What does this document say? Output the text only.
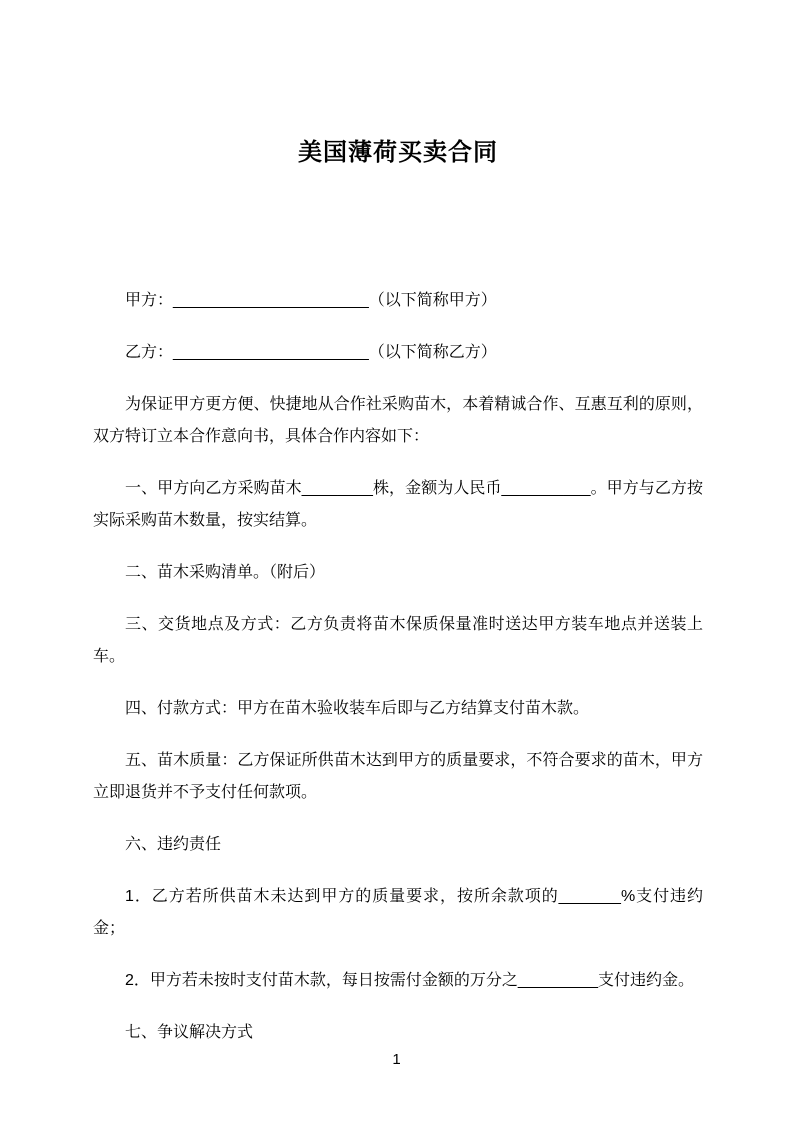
美国薄荷买卖合同

甲方：______________________（以下简称甲方）

乙方：______________________（以下简称乙方）

为保证甲方更方便、快捷地从合作社采购苗木，本着精诚合作、互惠互利的原则，双方特订立本合作意向书，具体合作内容如下：

一、甲方向乙方采购苗木________株，金额为人民币__________。甲方与乙方按实际采购苗木数量，按实结算。

二、苗木采购清单。（附后）

三、交货地点及方式：乙方负责将苗木保质保量准时送达甲方装车地点并送装上车。

四、付款方式：甲方在苗木验收装车后即与乙方结算支付苗木款。

五、苗木质量：乙方保证所供苗木达到甲方的质量要求，不符合要求的苗木，甲方立即退货并不予支付任何款项。

六、违约责任

1．乙方若所供苗木未达到甲方的质量要求，按所余款项的_______%支付违约金；

2．甲方若未按时支付苗木款，每日按需付金额的万分之_________支付违约金。

七、争议解决方式

1
